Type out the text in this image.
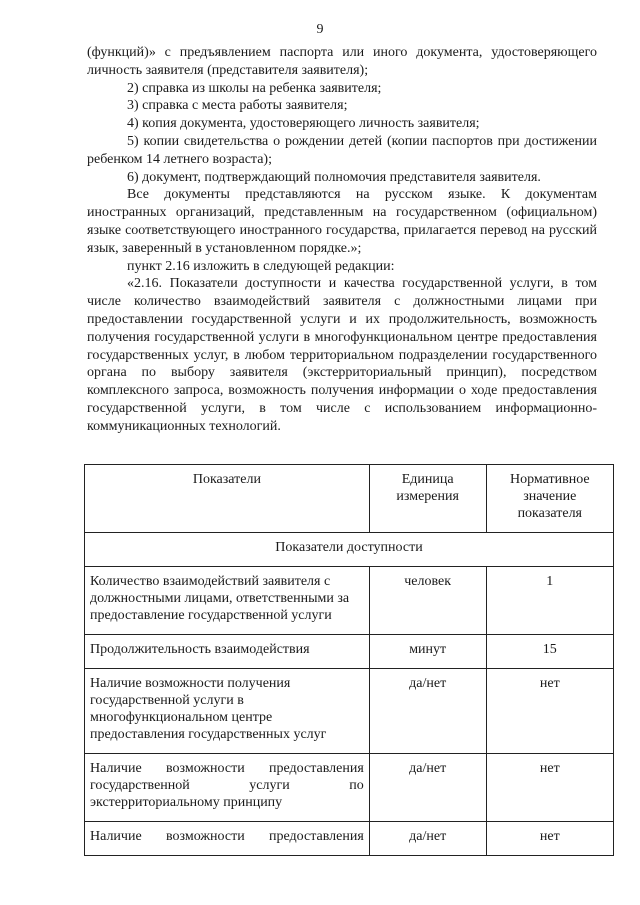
9

(функций)» с предъявлением паспорта или иного документа, удостоверяющего личность заявителя (представителя заявителя);

2) справка из школы на ребенка заявителя;

3) справка с места работы заявителя;

4) копия документа, удостоверяющего личность заявителя;

5) копии свидетельства о рождении детей (копии паспортов при достижении ребенком 14 летнего возраста);

6) документ, подтверждающий полномочия представителя заявителя.

Все документы представляются на русском языке. К документам иностранных организаций, представленным на государственном (официальном) языке соответствующего иностранного государства, прилагается перевод на русский язык, заверенный в установленном порядке.»;

пункт 2.16 изложить в следующей редакции:

«2.16. Показатели доступности и качества государственной услуги, в том числе количество взаимодействий заявителя с должностными лицами при предоставлении государственной услуги и их продолжительность, возможность получения государственной услуги в многофункциональном центре предоставления государственных услуг, в любом территориальном подразделении государственного органа по выбору заявителя (экстерриториальный принцип), посредством комплексного запроса, возможность получения информации о ходе предоставления государственной услуги, в том числе с использованием информационно-коммуникационных технологий.

Показатели	Единица измерения	Нормативное значение показателя
Показатели доступности		
Количество взаимодействий заявителя с должностными лицами, ответственными за предоставление государственной услуги	человек	1
Продолжительность взаимодействия	минут	15
Наличие возможности получения государственной услуги в многофункциональном центре предоставления государственных услуг	да/нет	нет
Наличие возможности предоставления государственной услуги по экстерриториальному принципу	да/нет	нет
Наличие возможности предоставления	да/нет	нет
